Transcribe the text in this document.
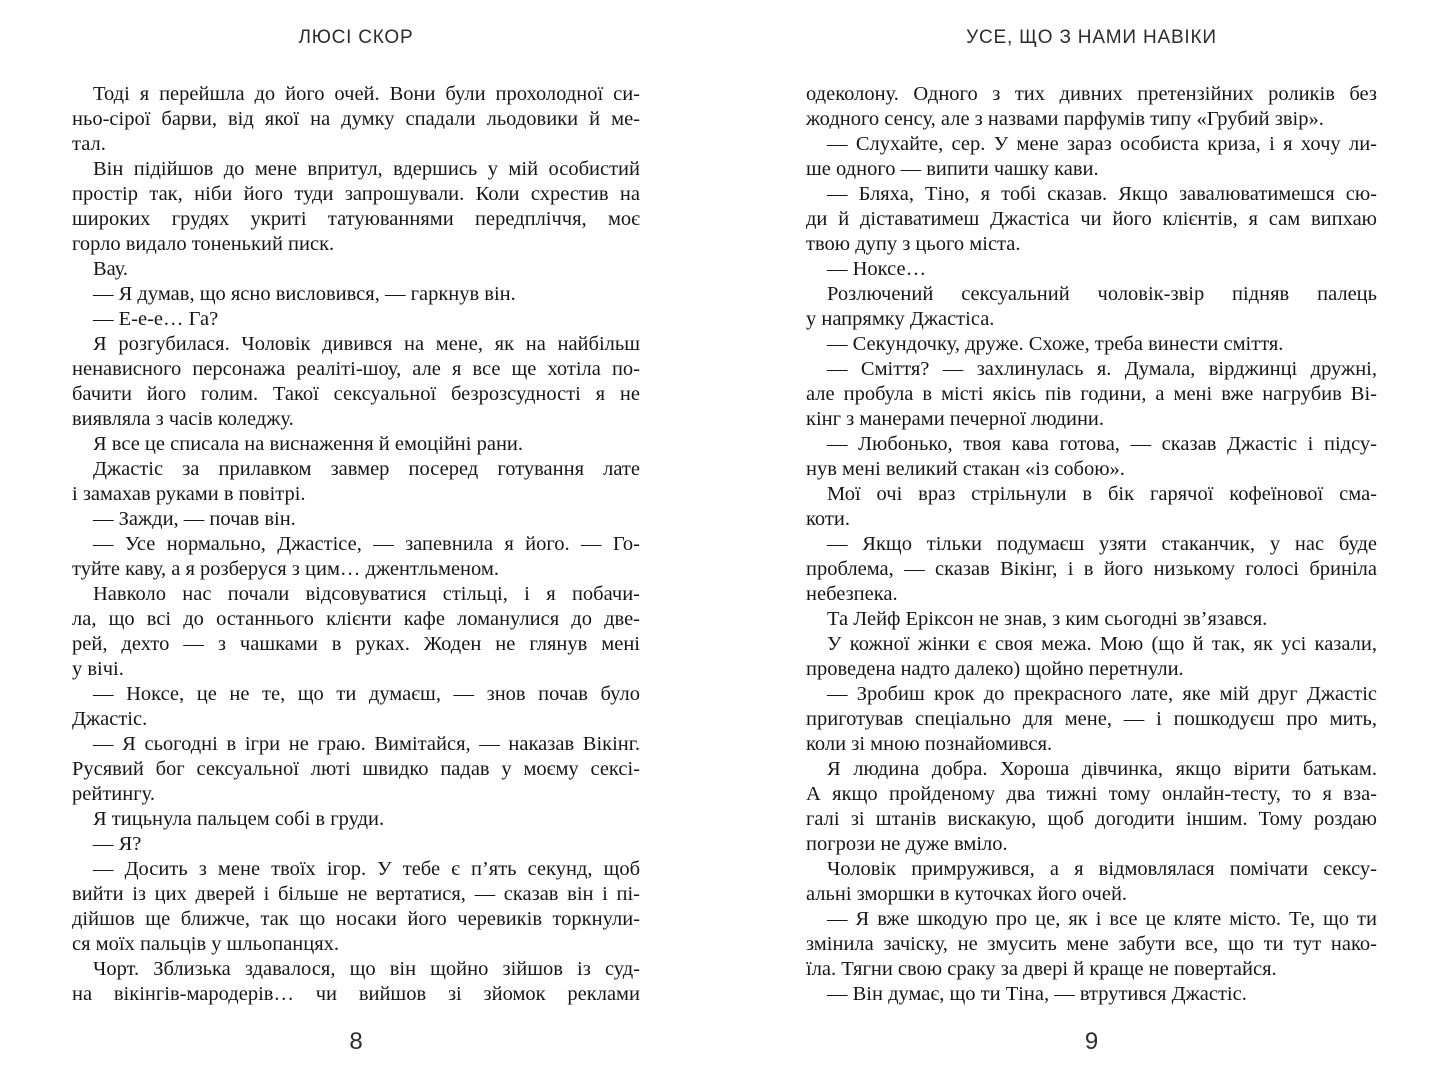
ЛЮСІ СКОР
Тоді я перейшла до його очей. Вони були прохолодної си-
ньо-сірої барви, від якої на думку спадали льодовики й ме-
тал.
Він підійшов до мене впритул, вдершись у мій особистий
простір так, ніби його туди запрошували. Коли схрестив на
широких грудях укриті татуюваннями передпліччя, моє
горло видало тоненький писк.
Вау.
— Я думав, що ясно висловився, — гаркнув він.
— Е-е-е… Га?
Я розгубилася. Чоловік дивився на мене, як на найбільш
ненависного персонажа реаліті-шоу, але я все ще хотіла по-
бачити його голим. Такої сексуальної безрозсудності я не
виявляла з часів коледжу.
Я все це списала на виснаження й емоційні рани.
Джастіс за прилавком завмер посеред готування лате
і замахав руками в повітрі.
— Зажди, — почав він.
— Усе нормально, Джастісе, — запевнила я його. — Го-
туйте каву, а я розберуся з цим… джентльменом.
Навколо нас почали відсовуватися стільці, і я побачи-
ла, що всі до останнього клієнти кафе ломанулися до две-
рей, дехто — з чашками в руках. Жоден не глянув мені
у вічі.
— Ноксе, це не те, що ти думаєш, — знов почав було
Джастіс.
— Я сьогодні в ігри не граю. Вимітайся, — наказав Вікінг.
Русявий бог сексуальної люті швидко падав у моєму сексі-
рейтингу.
Я тицьнула пальцем собі в груди.
— Я?
— Досить з мене твоїх ігор. У тебе є п’ять секунд, щоб
вийти із цих дверей і більше не вертатися, — сказав він і пі-
дійшов ще ближче, так що носаки його черевиків торкнули-
ся моїх пальців у шльопанцях.
Чорт. Зблизька здавалося, що він щойно зійшов із суд-
на вікінгів-мародерів… чи вийшов зі зйомок реклами
8
УСЕ, ЩО З НАМИ НАВІКИ
одеколону. Одного з тих дивних претензійних роликів без
жодного сенсу, але з назвами парфумів типу «Грубий звір».
— Слухайте, сер. У мене зараз особиста криза, і я хочу ли-
ше одного — випити чашку кави.
— Бляха, Тіно, я тобі сказав. Якщо завалюватимешся сю-
ди й діставатимеш Джастіса чи його клієнтів, я сам випхаю
твою дупу з цього міста.
— Ноксе…
Розлючений сексуальний чоловік-звір підняв палець
у напрямку Джастіса.
— Секундочку, друже. Схоже, треба винести сміття.
— Сміття? — захлинулась я. Думала, вірджинці дружні,
але пробула в місті якісь пів години, а мені вже нагрубив Ві-
кінг з манерами печерної людини.
— Любонько, твоя кава готова, — сказав Джастіс і підсу-
нув мені великий стакан «із собою».
Мої очі враз стрільнули в бік гарячої кофеїнової сма-
коти.
— Якщо тільки подумаєш узяти стаканчик, у нас буде
проблема, — сказав Вікінг, і в його низькому голосі бриніла
небезпека.
Та Лейф Еріксон не знав, з ким сьогодні зв’язався.
У кожної жінки є своя межа. Мою (що й так, як усі казали,
проведена надто далеко) щойно перетнули.
— Зробиш крок до прекрасного лате, яке мій друг Джастіс
приготував спеціально для мене, — і пошкодуєш про мить,
коли зі мною познайомився.
Я людина добра. Хороша дівчинка, якщо вірити батькам.
А якщо пройденому два тижні тому онлайн-тесту, то я вза-
галі зі штанів вискакую, щоб догодити іншим. Тому роздаю
погрози не дуже вміло.
Чоловік примружився, а я відмовлялася помічати сексу-
альні зморшки в куточках його очей.
— Я вже шкодую про це, як і все це кляте місто. Те, що ти
змінила зачіску, не змусить мене забути все, що ти тут нако-
їла. Тягни свою сраку за двері й краще не повертайся.
— Він думає, що ти Тіна, — втрутився Джастіс.
9
